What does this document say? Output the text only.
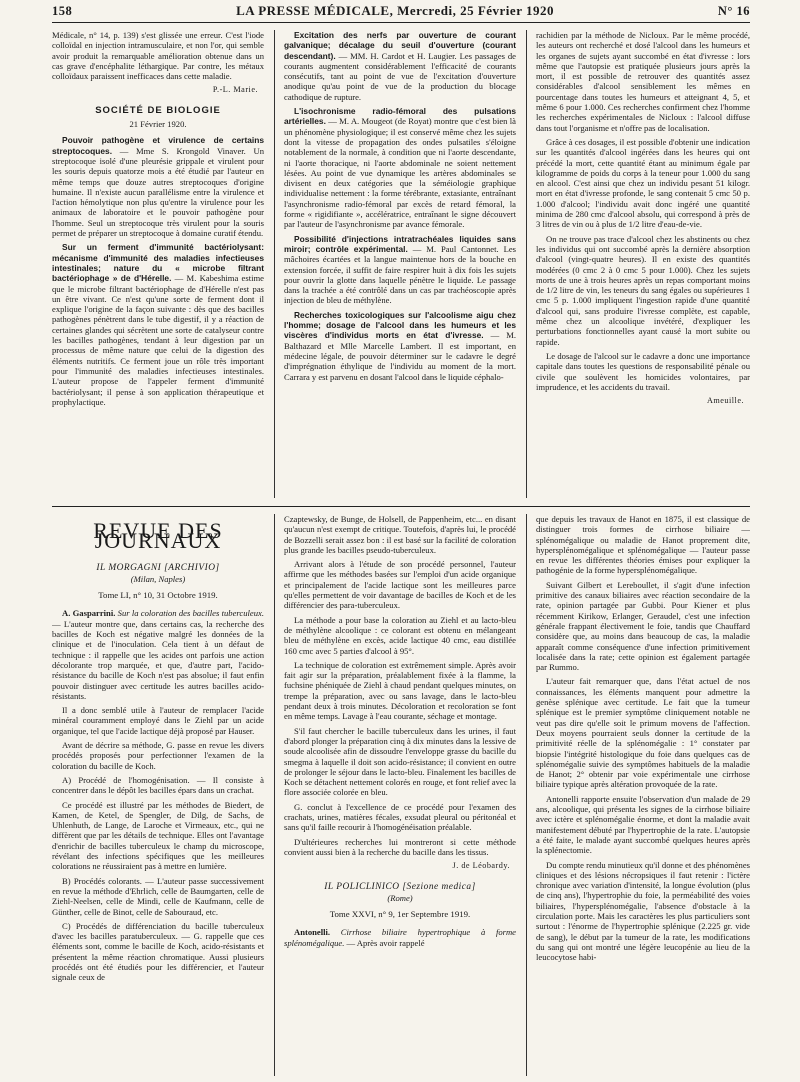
158	LA PRESSE MÉDICALE, Mercredi, 25 Février 1920	N° 16

Médicale, n° 14, p. 139) s'est glissée une erreur. C'est l'iode colloïdal en injection intramusculaire, et non l'or, qui semble avoir produit la remarquable amélioration obtenue dans un cas grave d'encéphalite léthargique. Par contre, les métaux colloïdaux paraissent inefficaces dans cette maladie.

P.-L. Marie.
SOCIÉTÉ DE BIOLOGIE
21 Février 1920.

Pouvoir pathogène et virulence de certains streptocoques. — Mme S. Krongold Vinaver. Un streptocoque isolé d'une pleurésie grippale et virulent pour les souris depuis quatorze mois a été étudié par l'auteur en même temps que douze autres streptocoques d'origine humaine. Il n'existe aucun parallélisme entre la virulence et l'action hémolytique non plus qu'entre la virulence pour les animaux de laboratoire et le pouvoir pathogène pour l'homme. Seul un streptocoque très virulent pour la souris permet de préparer un streptocoque à domaine curatif étendu.

Sur un ferment d'immunité bactériolysant: mécanisme d'immunité des maladies infectieuses intestinales; nature du « microbe filtrant bactériophage » de d'Hérelle. — M. Kabeshima estime que le microbe filtrant bactériophage de d'Hérelle n'est pas un être vivant. Ce n'est qu'une sorte de ferment dont il explique l'origine de la façon suivante : dès que des bacilles pathogènes pénètrent dans le tube digestif, il y a réaction de certaines glandes qui sécrètent une sorte de catalyseur contre les bacilles pathogènes, tendant à leur digestion par un processus de même nature que celui de la digestion des éléments nutritifs. Ce ferment joue un rôle très important pour l'immunité des maladies infectieuses intestinales. L'auteur propose de l'appeler ferment d'immunité bactériolysant; il pense à son application thérapeutique et prophylactique.

Excitation des nerfs par ouverture de courant galvanique; décalage du seuil d'ouverture (courant descendant). — MM. H. Cardot et H. Laugier. Les passages de courants augmentent considérablement l'efficacité de courants consécutifs, tant au point de vue de l'excitation d'ouverture anodique qu'au point de vue de la production du blocage cathodique de rupture.

L'isochronisme radio-fémoral des pulsations artérielles. — M. A. Mougeot (de Royat) montre que c'est bien là un phénomène physiologique; il est conservé même chez les sujets dont la vitesse de propagation des ondes pulsatiles s'éloigne notablement de la normale, à condition que ni l'aorte descendante, ni l'aorte thoracique, ni l'aorte abdominale ne soient nettement lésées. Au point de vue dynamique les artères abdominales se divisent en deux catégories que la séméiologie graphique individualise nettement : la forme térébrante, extasiante, entraînant l'asynchronisme radio-fémoral par excès de retard fémoral, la forme « rigidifiante », accélératrice, entraînant le signe découvert par l'auteur de l'asynchronisme par avance fémorale.

Possibilité d'injections intratrachéales liquides sans miroir; contrôle expérimental. — M. Paul Cantonnet. Les mâchoires écartées et la langue maintenue hors de la bouche en extension forcée, il suffit de faire respirer huit à dix fois les sujets pour ouvrir la glotte dans laquelle pénètre le liquide. Le passage dans la trachée a été contrôlé dans un cas par trachéoscopie après injection de bleu de méthylène.

Recherches toxicologiques sur l'alcoolisme aigu chez l'homme; dosage de l'alcool dans les humeurs et les viscères d'individus morts en état d'ivresse. — M. Balthazard et Mlle Marcelle Lambert. Il est important, en médecine légale, de pouvoir déterminer sur le cadavre le degré d'imprégnation éthylique de l'individu au moment de la mort. Carrara y est parvenu en dosant l'alcool dans le liquide céphalo-

rachidien par la méthode de Nicloux. Par le même procédé, les auteurs ont recherché et dosé l'alcool dans les humeurs et les organes de sujets ayant succombé en état d'ivresse : lors même que l'autopsie est pratiquée plusieurs jours après la mort, il est possible de retrouver des quantités assez considérables d'alcool sensiblement les mêmes en pourcentage dans toutes les humeurs et atteignant 4, 5, et même 6 pour 1.000. Ces recherches confirment chez l'homme les recherches expérimentales de Nicloux : l'alcool diffuse dans tout l'organisme et n'offre pas de localisation.

Grâce à ces dosages, il est possible d'obtenir une indication sur les quantités d'alcool ingérées dans les heures qui ont précédé la mort, cette quantité étant au minimum égale par kilogramme de poids du corps à la teneur pour 1.000 du sang en alcool. C'est ainsi que chez un individu pesant 51 kilogr. mort en état d'ivresse profonde, le sang contenait 5 cmc 50 p. 1.000 d'alcool; l'individu avait donc ingéré une quantité minima de 280 cmc d'alcool absolu, qui correspond à près de 3 litres de vin ou à plus de 1/2 litre d'eau-de-vie.

On ne trouve pas trace d'alcool chez les abstinents ou chez les individus qui ont succombé après la dernière absorption d'alcool (vingt-quatre heures). Il en existe des quantités modérées (0 cmc 2 à 0 cmc 5 pour 1.000). Chez les sujets morts de une à trois heures après un repas comportant moins de 1/2 litre de vin, les teneurs du sang égales ou supérieures 1 cmc 5 p. 1.000 impliquent l'ingestion rapide d'une quantité d'alcool qui, sans produire l'ivresse complète, est capable, même chez un alcoolique invétéré, d'expliquer les perturbations fonctionnelles ayant causé la mort subite ou rapide.

Le dosage de l'alcool sur le cadavre a donc une importance capitale dans toutes les questions de responsabilité pénale ou civile que soulèvent les homicides volontaires, par imprudence, et les accidents du travail.

Ameuille.
REVUE DES JOURNAUX
IL MORGAGNI [ARCHIVIO]
(Milan, Naples)
Tome LI, n° 10, 31 Octobre 1919.

A. Gasparrini. Sur la coloration des bacilles tuberculeux. — L'auteur montre que, dans certains cas, la recherche des bacilles de Koch est négative malgré les données de la clinique et de l'inoculation. Cela tient à un défaut de technique : il rappelle que les acides ont parfois une action décolorante trop marquée, et que, d'autre part, l'acido-résistance du bacille de Koch n'est pas absolue; il faut enfin pouvoir distinguer avec certitude les autres bacilles acido-résistants.

Il a donc semblé utile à l'auteur de remplacer l'acide minéral couramment employé dans le Ziehl par un acide organique, tel que l'acide lactique déjà proposé par Hauser.

Avant de décrire sa méthode, G. passe en revue les divers procédés proposés pour perfectionner l'examen de la coloration du bacille de Koch.

A) Procédé de l'homogénisation. — Il consiste à concentrer dans le dépôt les bacilles épars dans un crachat.

Ce procédé est illustré par les méthodes de Biedert, de Kamen, de Ketel, de Spengler, de Dilg, de Sachs, de Uhlenhuth, de Lange, de Laroche et Virmeaux, etc., qui ne diffèrent que par les détails de technique. Elles ont l'avantage d'enrichir de bacilles tuberculeux le champ du microscope, révélant des infections spécifiques que les meilleures colorations ne réussiraient pas à mettre en lumière.

B) Procédés colorants. — L'auteur passe successivement en revue la méthode d'Ehrlich, celle de Baumgarten, celle de Ziehl-Neelsen, celle de Mindi, celle de Kaufmann, celle de Günther, celle de Binot, celle de Sabouraud, etc.

C) Procédés de différenciation du bacille tuberculeux d'avec les bacilles paratuberculeux. — G. rappelle que ces éléments sont, comme le bacille de Koch, acido-résistants et présentent la même réaction chromatique. Aussi plusieurs procédés ont été étudiés pour les différencier, et l'auteur signale ceux de

Czaptewsky, de Bunge, de Holsell, de Pappenheim, etc... en disant qu'aucun n'est exempt de critique. Toutefois, d'après lui, le procédé de Bozzelli serait assez bon : il est basé sur la facilité de coloration plus grande les bacilles pseudo-tuberculeux.

Arrivant alors à l'étude de son procédé personnel, l'auteur affirme que les méthodes basées sur l'emploi d'un acide organique et principalement de l'acide lactique sont les meilleures parce qu'elles permettent de voir davantage de bacilles de Koch et de les différencier des para-tuberculeux.

La méthode a pour base la coloration au Ziehl et au lacto-bleu de méthylène alcoolique : ce colorant est obtenu en mélangeant bleu de méthylène en excès, acide lactique 40 cmc, eau distillée 160 cmc avec 5 parties d'alcool à 95°.

La technique de coloration est extrêmement simple. Après avoir fait agir sur la préparation, préalablement fixée à la flamme, la fuchsine phéniquée de Ziehl à chaud pendant quelques minutes, on trempe la préparation, avec ou sans lavage, dans le lacto-bleu pendant deux à trois minutes. Décoloration et recoloration se font en même temps. Lavage à l'eau courante, séchage et montage.

S'il faut chercher le bacille tuberculeux dans les urines, il faut d'abord plonger la préparation cinq à dix minutes dans la lessive de soude alcoolisée afin de dissoudre l'enveloppe grasse du bacille du smegma à laquelle il doit son acido-résistance; il convient en outre de prolonger le séjour dans le lacto-bleu. Finalement les bacilles de Koch se détachent nettement colorés en rouge, et font relief avec la flore associée colorée en bleu.

G. conclut à l'excellence de ce procédé pour l'examen des crachats, urines, matières fécales, exsudat pleural ou péritonéal et sans qu'il faille recourir à l'homogénéisation préalable.

D'ultérieures recherches lui montreront si cette méthode convient aussi bien à la recherche du bacille dans les tissus.

J. de Léobardy.
IL POLICLINICO [Sezione medica]
(Rome)
Tome XXVI, n° 9, 1er Septembre 1919.

Antonelli. Cirrhose biliaire hypertrophique à forme splénomégalique. — Après avoir rappelé

que depuis les travaux de Hanot en 1875, il est classique de distinguer trois formes de cirrhose biliaire — splénomégalique ou maladie de Hanot proprement dite, hypersplénomégalique et splénomégalique — l'auteur passe en revue les différentes théories émises pour expliquer la pathogénie de la forme hypersplénomégalique.

Suivant Gilbert et Lereboullet, il s'agit d'une infection primitive des canaux biliaires avec réaction secondaire de la rate, opinion partagée par Gubbi. Pour Kiener et plus récemment Kirikow, Erlanger, Geraudel, c'est une infection générale frappant électivement le foie, tandis que Chauffard considère que, au moins dans beaucoup de cas, la maladie apparaît comme conséquence d'une infection primitivement localisée dans la rate; cette opinion est également partagée par Rummo.

L'auteur fait remarquer que, dans l'état actuel de nos connaissances, les éléments manquent pour admettre la genèse splénique avec certitude. Le fait que la tumeur splénique est le premier symptôme cliniquement notable ne veut pas dire qu'elle soit le primum movens de l'affection. Deux moyens pourraient seuls donner la certitude de la primitivité réelle de la splénomégalie : 1° constater par biopsie l'intégrité histologique du foie dans quelques cas de splénomégalie suivie des symptômes habituels de la maladie de Hanot; 2° obtenir par voie expérimentale une cirrhose biliaire typique après altération provoquée de la rate.

Antonelli rapporte ensuite l'observation d'un malade de 29 ans, alcoolique, qui présenta les signes de la cirrhose biliaire avec ictère et splénomégalie énorme, et dont la maladie avait manifestement débuté par l'hypertrophie de la rate. L'autopsie a été faite, le malade ayant succombé quelques heures après la splénectomie.

Du compte rendu minutieux qu'il donne et des phénomènes cliniques et des lésions nécropsiques il faut retenir : l'ictère chronique avec variation d'intensité, la longue évolution (plus de cinq ans), l'hypertrophie du foie, la perméabilité des voies biliaires, l'hypersplénomégalie, l'absence d'obstacle à la circulation porte. Mais les caractères les plus particuliers sont surtout : l'énorme de l'hypertrophie splénique (2.225 gr. vide de sang), le début par la tumeur de la rate, les modifications du sang qui ont montré une légère leucopénie au lieu de la leucocytose habi-
